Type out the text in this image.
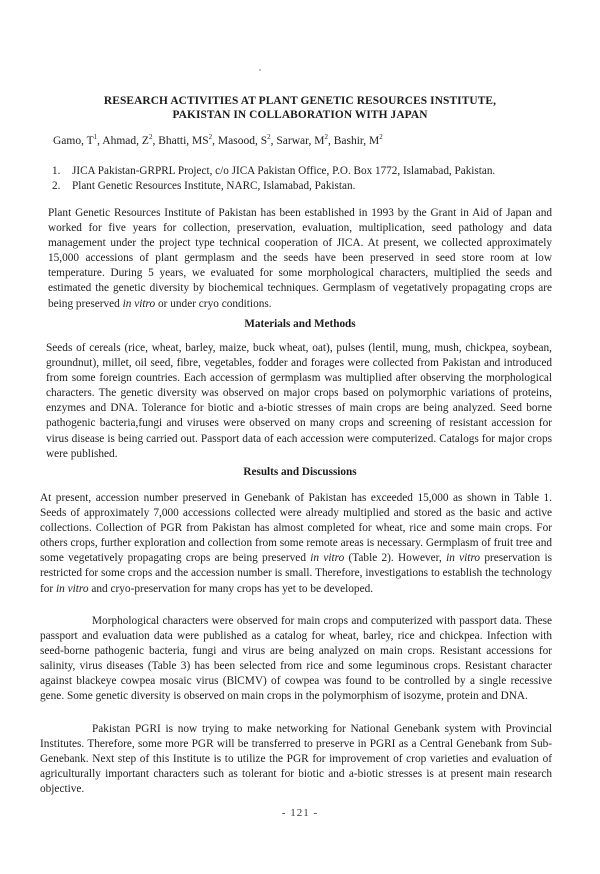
RESEARCH ACTIVITIES AT PLANT GENETIC RESOURCES INSTITUTE,
PAKISTAN IN COLLABORATION WITH JAPAN
Gamo, $T^1$, Ahmad, $Z^2$, Bhatti, $MS^2$, Masood, $S^2$, Sarwar, $M^2$, Bashir, $M^2$
1.	JICA Pakistan-GRPRL Project, c/o JICA Pakistan Office, P.O. Box 1772, Islamabad, Pakistan.
2.	Plant Genetic Resources Institute, NARC, Islamabad, Pakistan.
Plant Genetic Resources Institute of Pakistan has been established in 1993 by the Grant in Aid of Japan and worked for five years for collection, preservation, evaluation, multiplication, seed pathology and data management under the project type technical cooperation of JICA. At present, we collected approximately 15,000 accessions of plant germplasm and the seeds have been preserved in seed store room at low temperature. During 5 years, we evaluated for some morphological characters, multiplied the seeds and estimated the genetic diversity by biochemical techniques. Germplasm of vegetatively propagating crops are being preserved in vitro or under cryo conditions.
Materials and Methods
Seeds of cereals (rice, wheat, barley, maize, buck wheat, oat), pulses (lentil, mung, mush, chickpea, soybean, groundnut), millet, oil seed, fibre, vegetables, fodder and forages were collected from Pakistan and introduced from some foreign countries. Each accession of germplasm was multiplied after observing the morphological characters. The genetic diversity was observed on major crops based on polymorphic variations of proteins, enzymes and DNA. Tolerance for biotic and a-biotic stresses of main crops are being analyzed. Seed borne pathogenic bacteria,fungi and viruses were observed on many crops and screening of resistant accession for virus disease is being carried out. Passport data of each accession were computerized. Catalogs for major crops were published.
Results and Discussions
At present, accession number preserved in Genebank of Pakistan has exceeded 15,000 as shown in Table 1. Seeds of approximately 7,000 accessions collected were already multiplied and stored as the basic and active collections. Collection of PGR from Pakistan has almost completed for wheat, rice and some main crops. For others crops, further exploration and collection from some remote areas is necessary. Germplasm of fruit tree and some vegetatively propagating crops are being preserved in vitro (Table 2). However, in vitro preservation is restricted for some crops and the accession number is small. Therefore, investigations to establish the technology for in vitro and cryo-preservation for many crops has yet to be developed.
Morphological characters were observed for main crops and computerized with passport data. These passport and evaluation data were published as a catalog for wheat, barley, rice and chickpea. Infection with seed-borne pathogenic bacteria, fungi and virus are being analyzed on main crops. Resistant accessions for salinity, virus diseases (Table 3) has been selected from rice and some leguminous crops. Resistant character against blackeye cowpea mosaic virus (BlCMV) of cowpea was found to be controlled by a single recessive gene. Some genetic diversity is observed on main crops in the polymorphism of isozyme, protein and DNA.
Pakistan PGRI is now trying to make networking for National Genebank system with Provincial Institutes. Therefore, some more PGR will be transferred to preserve in PGRI as a Central Genebank from Sub-Genebank. Next step of this Institute is to utilize the PGR for improvement of crop varieties and evaluation of agriculturally important characters such as tolerant for biotic and a-biotic stresses is at present main research objective.
- 121 -
